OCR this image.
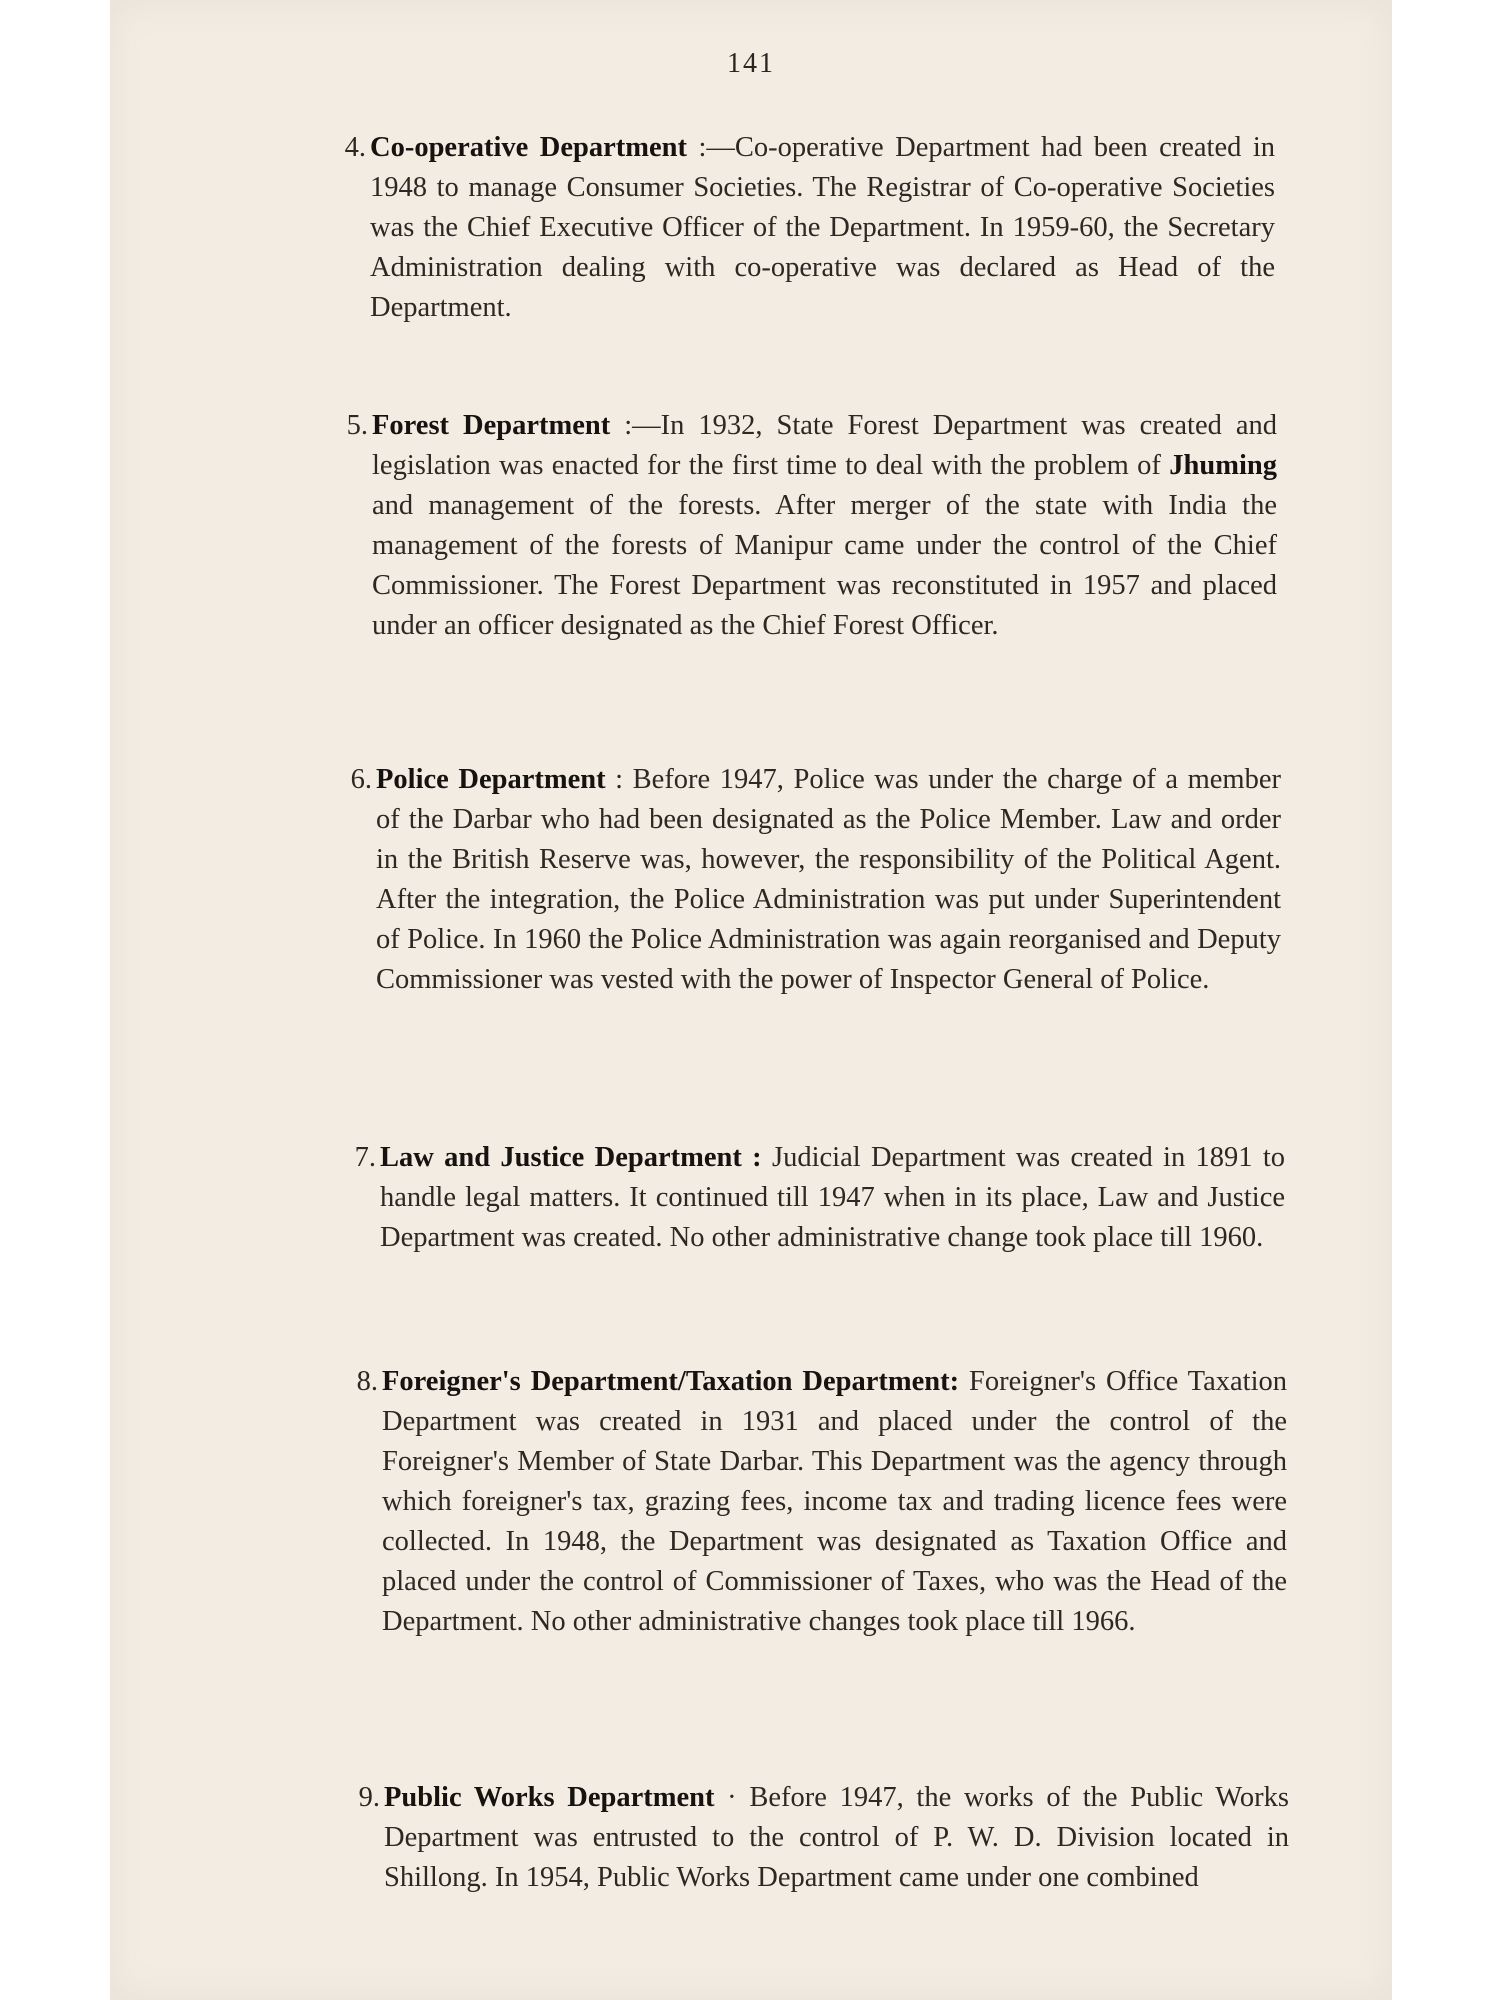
141
4. Co-operative Department :—Co-operative Department had been created in 1948 to manage Consumer Societies. The Registrar of Co-operative Societies was the Chief Executive Officer of the Department. In 1959-60, the Secretary Administration dealing with co-operative was declared as Head of the Department.
5. Forest Department :—In 1932, State Forest Department was created and legislation was enacted for the first time to deal with the problem of Jhuming and management of the forests. After merger of the state with India the management of the forests of Manipur came under the control of the Chief Commissioner. The Forest Department was reconstituted in 1957 and placed under an officer designated as the Chief Forest Officer.
6. Police Department : Before 1947, Police was under the charge of a member of the Darbar who had been designated as the Police Member. Law and order in the British Reserve was, however, the responsibility of the Political Agent. After the integration, the Police Administration was put under Superintendent of Police. In 1960 the Police Administration was again reorganised and Deputy Commissioner was vested with the power of Inspector General of Police.
7. Law and Justice Department : Judicial Department was created in 1891 to handle legal matters. It continued till 1947 when in its place, Law and Justice Department was created. No other administrative change took place till 1960.
8. Foreigner's Department/Taxation Department: Foreigner's Office Taxation Department was created in 1931 and placed under the control of the Foreigner's Member of State Darbar. This Department was the agency through which foreigner's tax, grazing fees, income tax and trading licence fees were collected. In 1948, the Department was designated as Taxation Office and placed under the control of Commissioner of Taxes, who was the Head of the Department. No other administrative changes took place till 1966.
9. Public Works Department · Before 1947, the works of the Public Works Department was entrusted to the control of P. W. D. Division located in Shillong. In 1954, Public Works Department came under one combined
